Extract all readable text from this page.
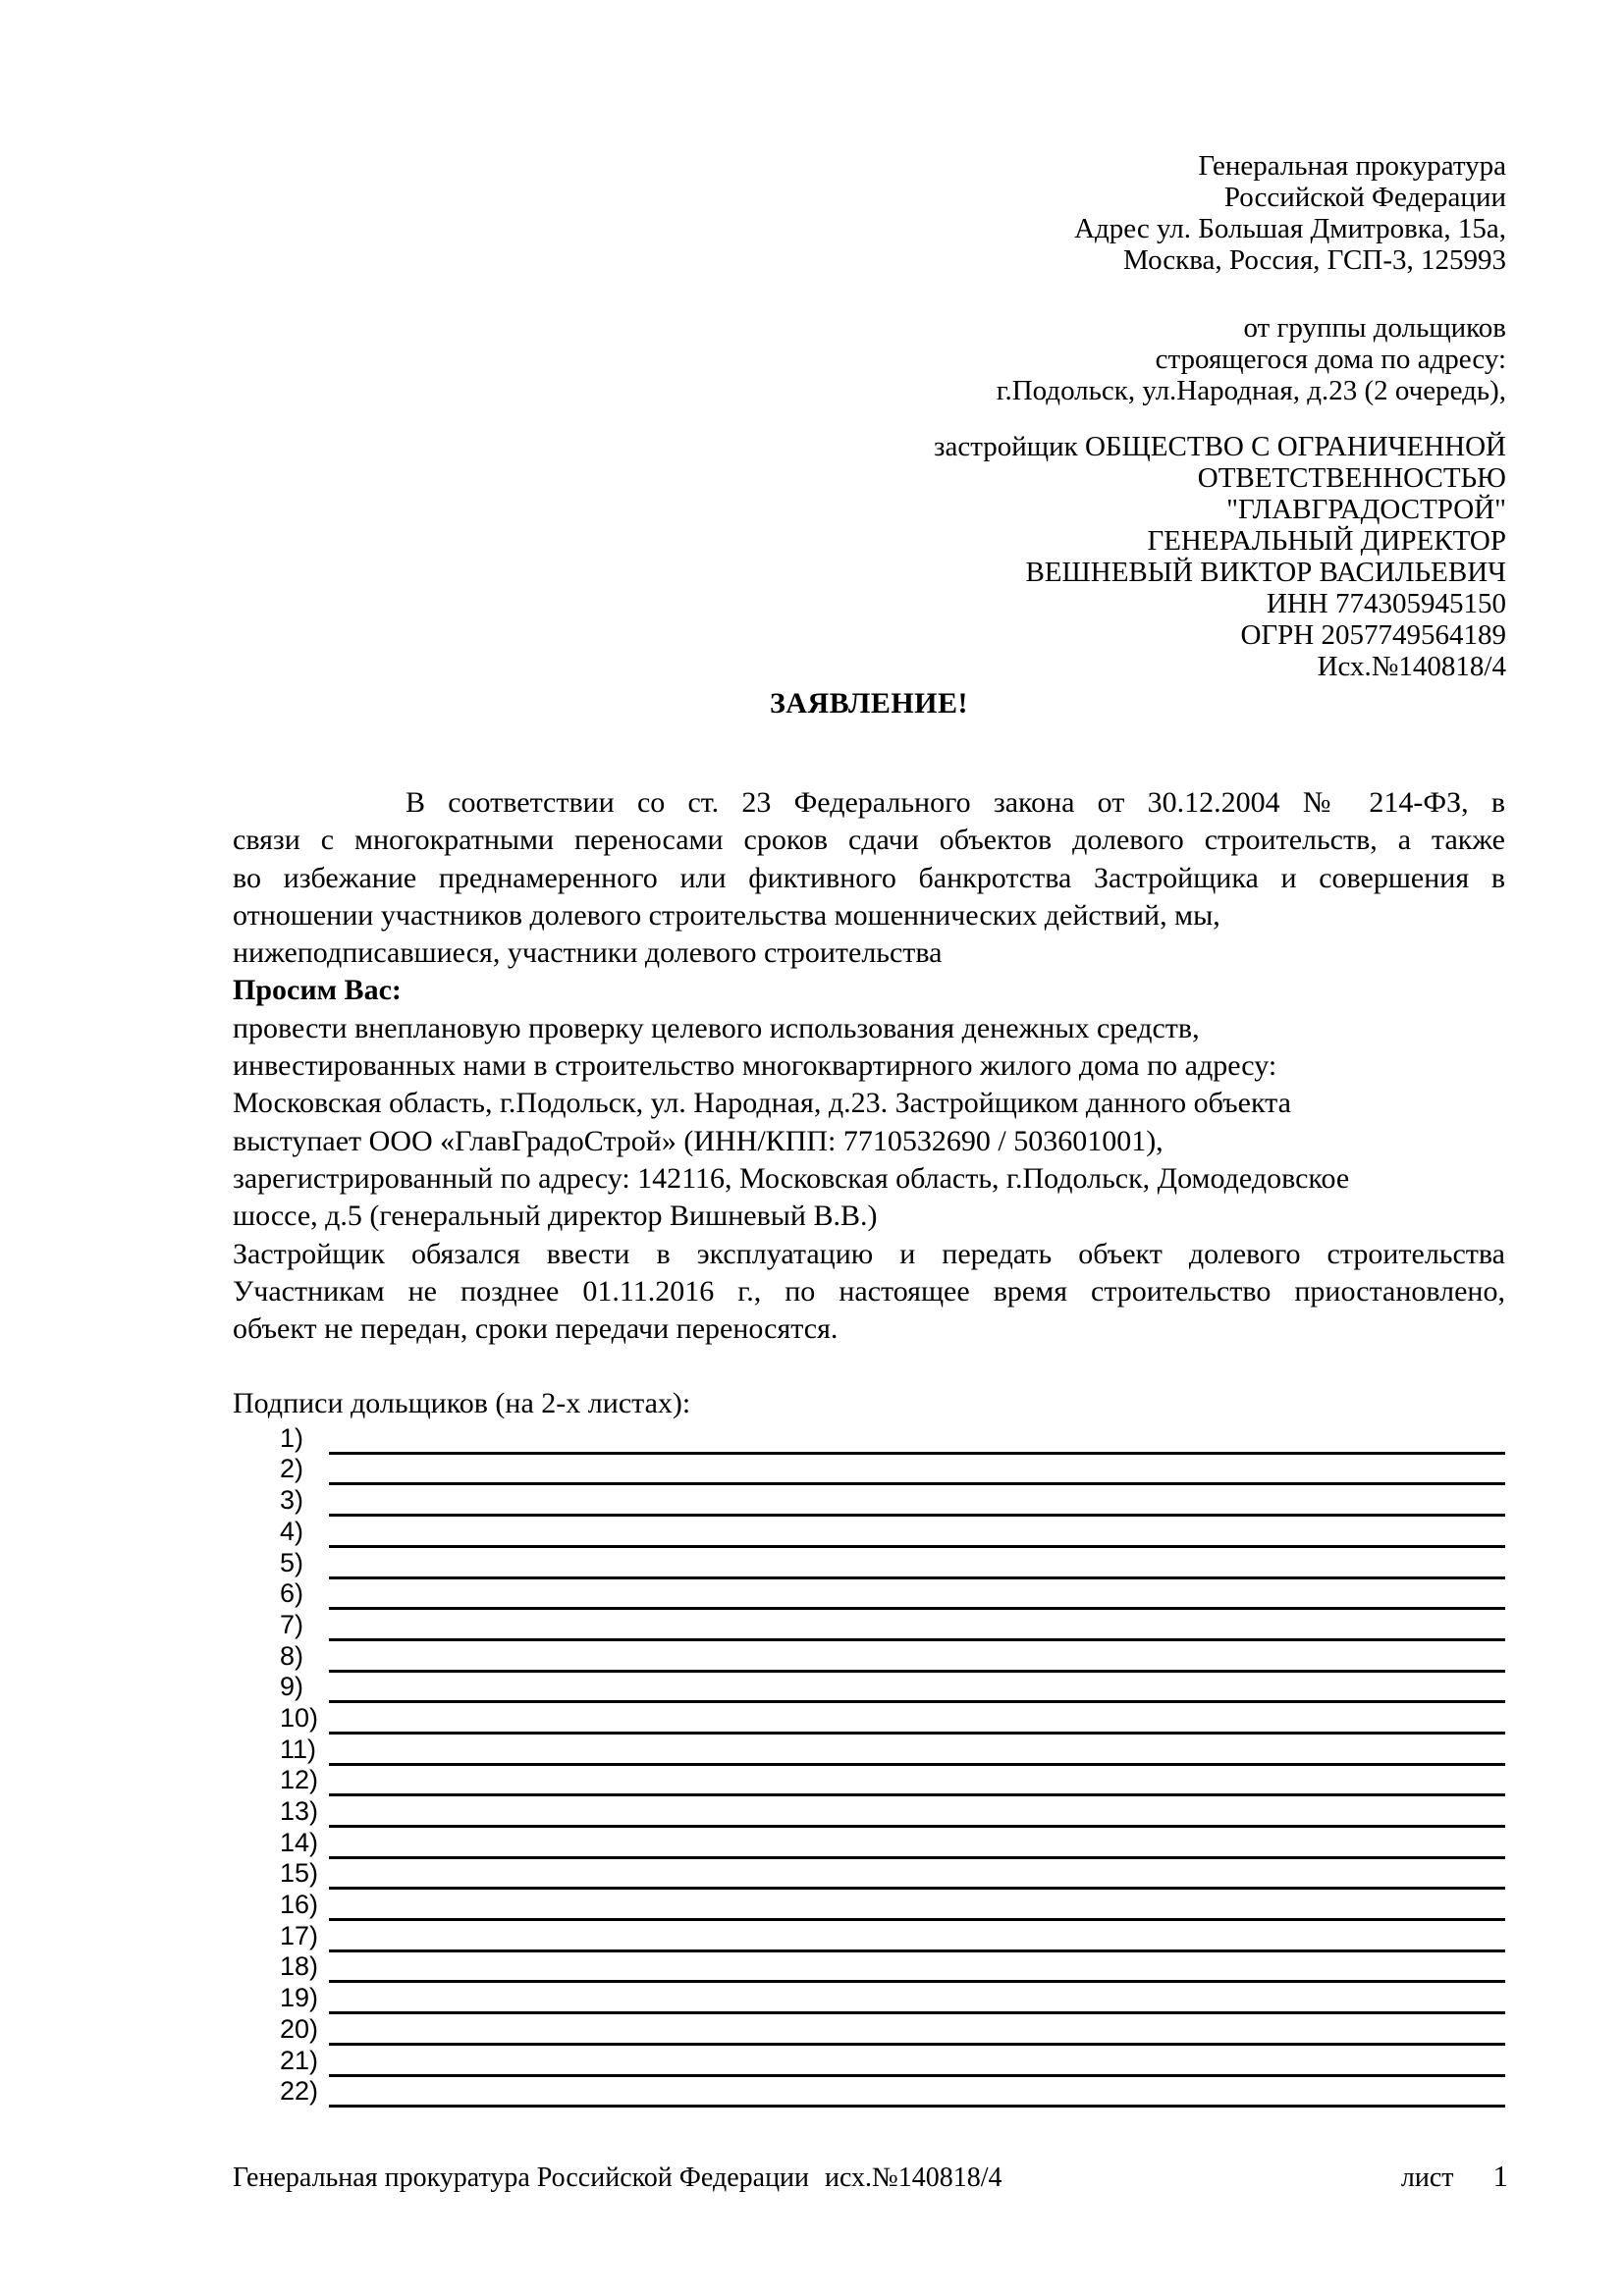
Генеральная прокуратура
Российской Федерации
Адрес ул. Большая Дмитровка, 15а,
Москва, Россия, ГСП-3, 125993
от группы дольщиков
строящегося дома по адресу:
г.Подольск, ул.Народная, д.23 (2 очередь),
застройщик ОБЩЕСТВО С ОГРАНИЧЕННОЙ
ОТВЕТСТВЕННОСТЬЮ
"ГЛАВГРАДОСТРОЙ"
ГЕНЕРАЛЬНЫЙ ДИРЕКТОР
ВЕШНЕВЫЙ ВИКТОР ВАСИЛЬЕВИЧ
ИНН 774305945150
ОГРН 2057749564189
Исх.№140818/4
ЗАЯВЛЕНИЕ!
В соответствии со ст. 23 Федерального закона от 30.12.2004 № 214-ФЗ, в
связи с многократными переносами сроков сдачи объектов долевого строительств, а также
во избежание преднамеренного или фиктивного банкротства Застройщика и совершения в
отношении участников долевого строительства мошеннических действий, мы,
нижеподписавшиеся, участники долевого строительства
Просим Вас:
провести внеплановую проверку целевого использования денежных средств,
инвестированных нами в строительство многоквартирного жилого дома по адресу:
Московская область, г.Подольск, ул. Народная, д.23. Застройщиком данного объекта
выступает ООО «ГлавГрадоСтрой» (ИНН/КПП: 7710532690 / 503601001),
зарегистрированный по адресу: 142116, Московская область, г.Подольск, Домодедовское
шоссе, д.5 (генеральный директор Вишневый В.В.)
Застройщик обязался ввести в эксплуатацию и передать объект долевого строительства
Участникам не позднее 01.11.2016 г., по настоящее время строительство приостановлено,
объект не передан, сроки передачи переносятся.
Подписи дольщиков (на 2-х листах):
1)
2)
3)
4)
5)
6)
7)
8)
9)
10)
11)
12)
13)
14)
15)
16)
17)
18)
19)
20)
21)
22)
Генеральная прокуратура Российской Федерации исх.№140818/4	лист 1
